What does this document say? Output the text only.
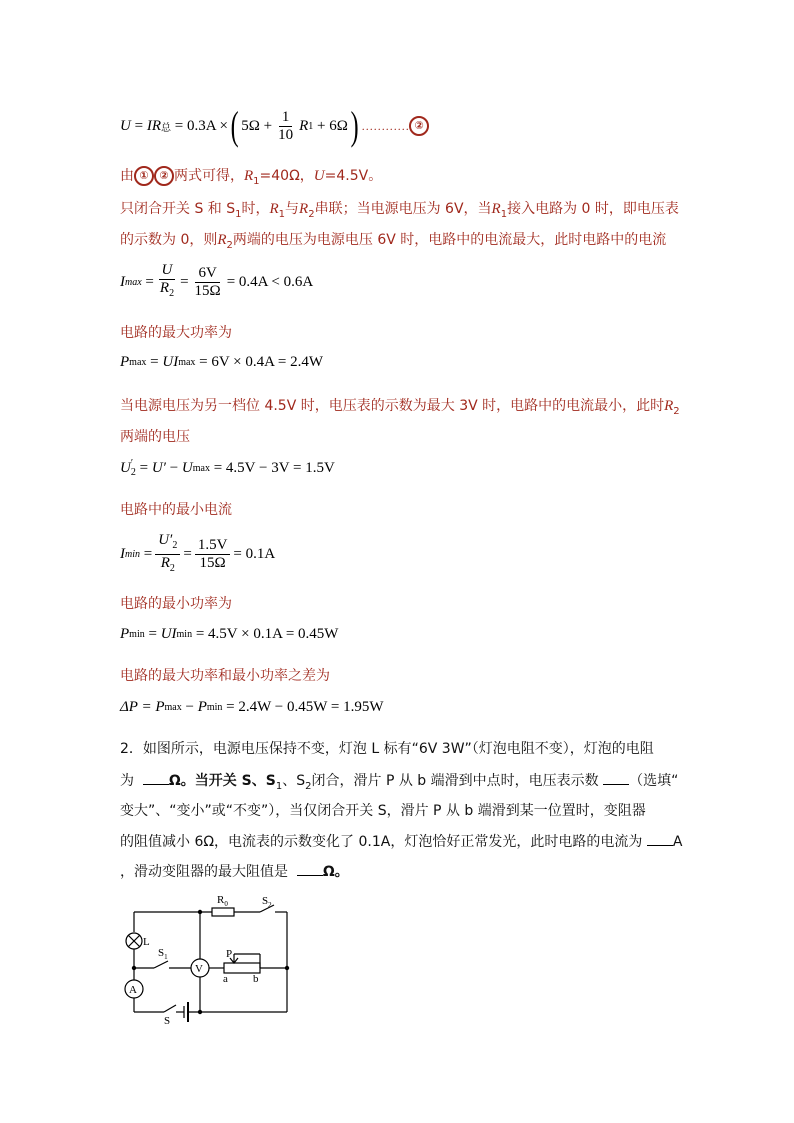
U
=
I R 总
= 0.3A × ( $5\Omega + \frac{1}{10}$ R 1
+ 6Ω ) ………… ②
由 ① ② 两式可得，$R_1=40\Omega$，U=4.5V。
只闭合开关 S 和 $S_1$时，$R_1$与$R_2$串联；当电源电压为 6V，当$R_1$接入电路为 0 时，即电压表
的示数为 0，则$R_2$两端的电压为电源电压 6V 时，电路中的电流最大，此时电路中的电流
I max
= $\frac{U}{R_2} = \frac{6V}{15\Omega} = 0.4A < 0.6A$
电路的最大功率为
P max
=
UI max
= 6V × 0.4A = 2.4W
当电源电压为另一档位 4.5V 时，电压表的示数为最大 3V 时，电路中的电流最小，此时$R_2$
两端的电压
U ′
2
=
U′
−
U max
= 4.5V − 3V = 1.5V
电路中的最小电流
I min
= $\frac{U'_2}{R_2} = \frac{1.5V}{15\Omega} = 0.1A$
电路的最小功率为
P min
=
UI min
= 4.5V × 0.1A = 0.45W
电路的最大功率和最小功率之差为
ΔP =
P max
−
P min
= 2.4W − 0.45W = 1.95W
2．如图所示，电源电压保持不变，灯泡 L 标有“6V 3W”（灯泡电阻不变），灯泡的电阻
为 Ω。当开关 S、$S_1$、$S_2$闭合，滑片 P 从 b 端滑到中点时，电压表示数 （选填“
变大”、“变小”或“不变”），当仅闭合开关 S，滑片 P 从 b 端滑到某一位置时，变阻器
的阻值减小 6Ω，电流表的示数变化了 0.1A，灯泡恰好正常发光，此时电路的电流为 A
，滑动变阻器的最大阻值是 Ω。
$R_0$	$S_2$
L
$S_1$	P
a b
A
V
S
